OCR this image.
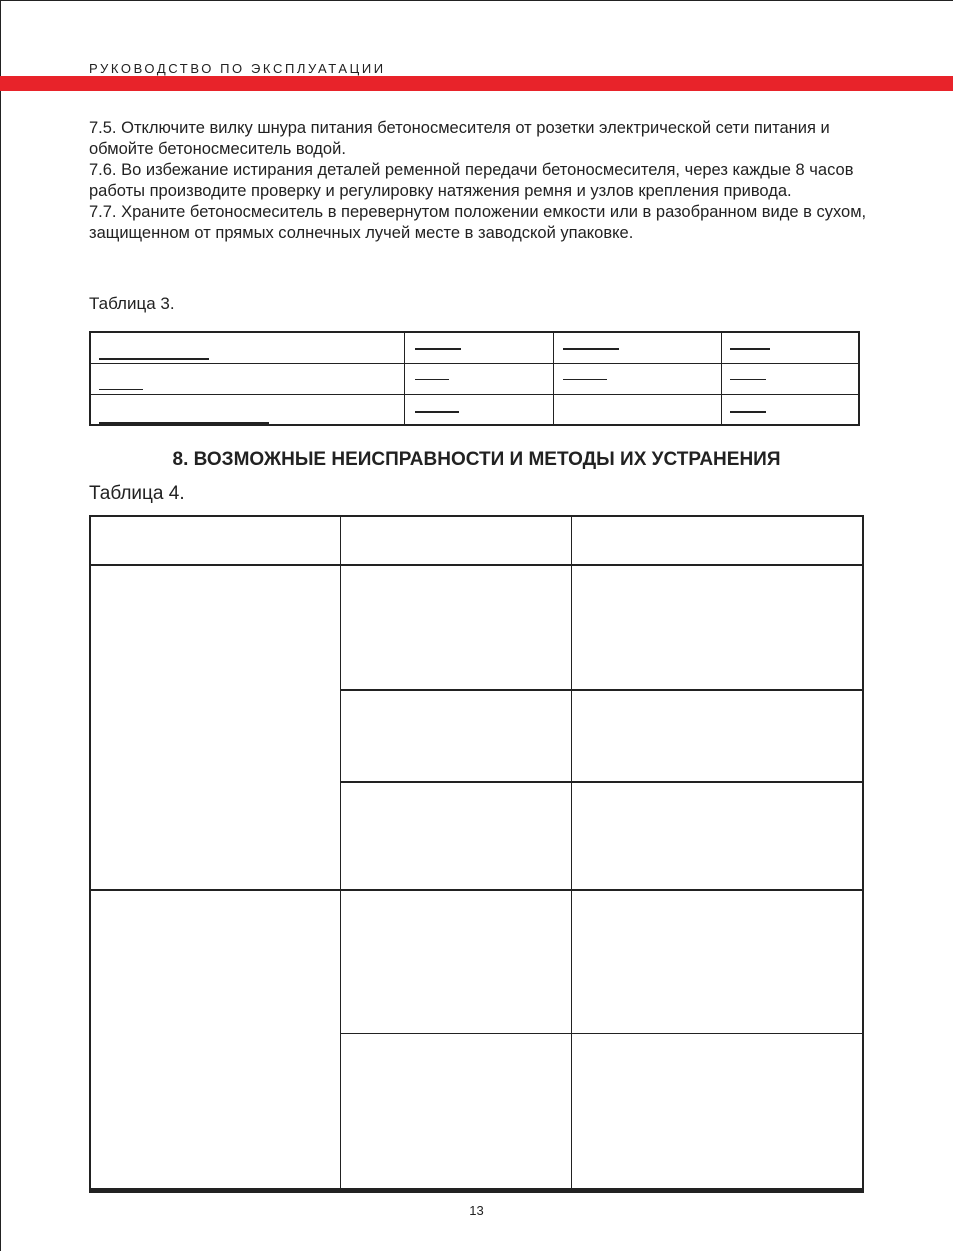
РУКОВОДСТВО ПО ЭКСПЛУАТАЦИИ

7.5. Отключите вилку шнура питания бетоносмесителя от розетки электрической сети питания и обмойте бетоносмеситель водой.

7.6. Во избежание истирания деталей ременной передачи бетоносмесителя, через каждые 8 часов работы производите проверку и регулировку натяжения ремня и узлов крепления привода.

7.7. Храните бетоносмеситель в перевернутом положении емкости или в разобранном виде в сухом, защищенном от прямых солнечных лучей месте в заводской упаковке.

Таблица 3.
8. ВОЗМОЖНЫЕ НЕИСПРАВНОСТИ И МЕТОДЫ ИХ УСТРАНЕНИЯ
Таблица 4.
13
